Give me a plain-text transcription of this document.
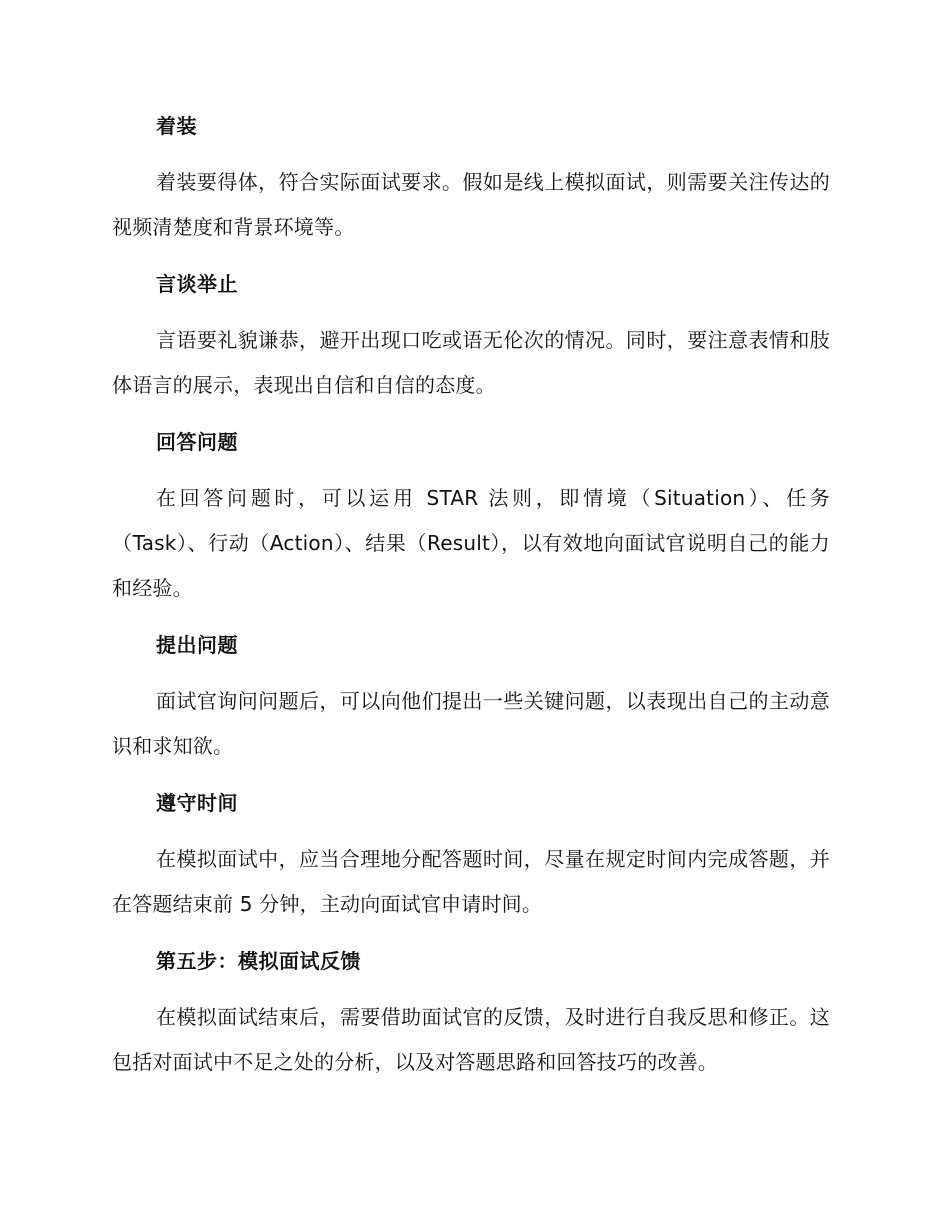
着装

着装要得体，符合实际面试要求。假如是线上模拟面试，则需要关注传达的视频清楚度和背景环境等。

言谈举止

言语要礼貌谦恭，避开出现口吃或语无伦次的情况。同时，要注意表情和肢体语言的展示，表现出自信和自信的态度。

回答问题

在回答问题时，可以运用 STAR 法则，即情境（Situation）、任务（Task）、行动（Action）、结果（Result），以有效地向面试官说明自己的能力和经验。

提出问题

面试官询问问题后，可以向他们提出一些关键问题，以表现出自己的主动意识和求知欲。

遵守时间

在模拟面试中，应当合理地分配答题时间，尽量在规定时间内完成答题，并在答题结束前 5 分钟，主动向面试官申请时间。

第五步：模拟面试反馈

在模拟面试结束后，需要借助面试官的反馈，及时进行自我反思和修正。这包括对面试中不足之处的分析，以及对答题思路和回答技巧的改善。
